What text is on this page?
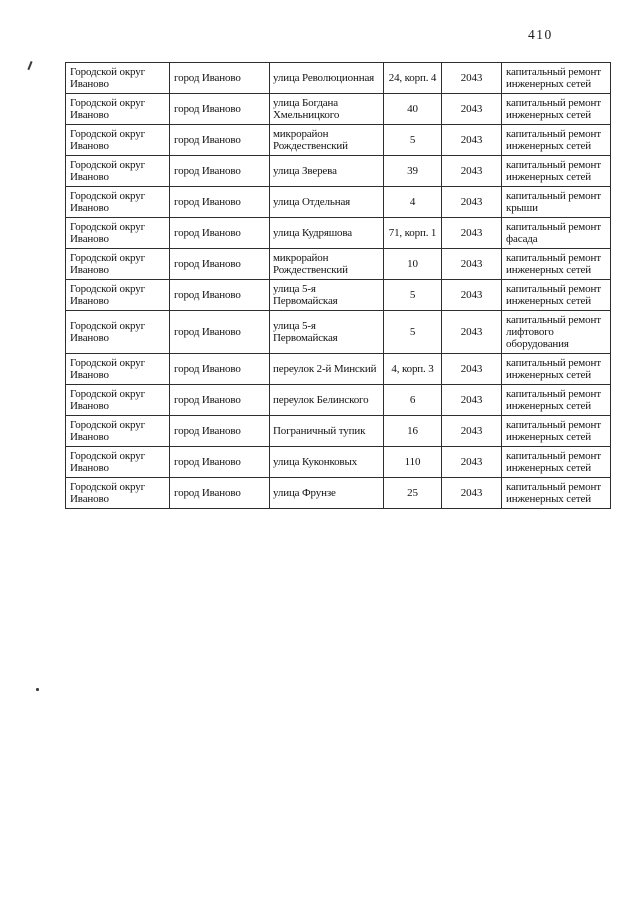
410
Городской округ Иваново	город Иваново	улица Революционная	24, корп. 4	2043	капитальный ремонт инженерных сетей
Городской округ Иваново	город Иваново	улица Богдана Хмельницкого	40	2043	капитальный ремонт инженерных сетей
Городской округ Иваново	город Иваново	микрорайон Рождественский	5	2043	капитальный ремонт инженерных сетей
Городской округ Иваново	город Иваново	улица Зверева	39	2043	капитальный ремонт инженерных сетей
Городской округ Иваново	город Иваново	улица Отдельная	4	2043	капитальный ремонт крыши
Городской округ Иваново	город Иваново	улица Кудряшова	71, корп. 1	2043	капитальный ремонт фасада
Городской округ Иваново	город Иваново	микрорайон Рождественский	10	2043	капитальный ремонт инженерных сетей
Городской округ Иваново	город Иваново	улица 5-я Первомайская	5	2043	капитальный ремонт инженерных сетей
Городской округ Иваново	город Иваново	улица 5-я Первомайская	5	2043	капитальный ремонт лифтового оборудования
Городской округ Иваново	город Иваново	переулок 2-й Минский	4, корп. 3	2043	капитальный ремонт инженерных сетей
Городской округ Иваново	город Иваново	переулок Белинского	6	2043	капитальный ремонт инженерных сетей
Городской округ Иваново	город Иваново	Пограничный тупик	16	2043	капитальный ремонт инженерных сетей
Городской округ Иваново	город Иваново	улица Куконковых	110	2043	капитальный ремонт инженерных сетей
Городской округ Иваново	город Иваново	улица Фрунзе	25	2043	капитальный ремонт инженерных сетей
